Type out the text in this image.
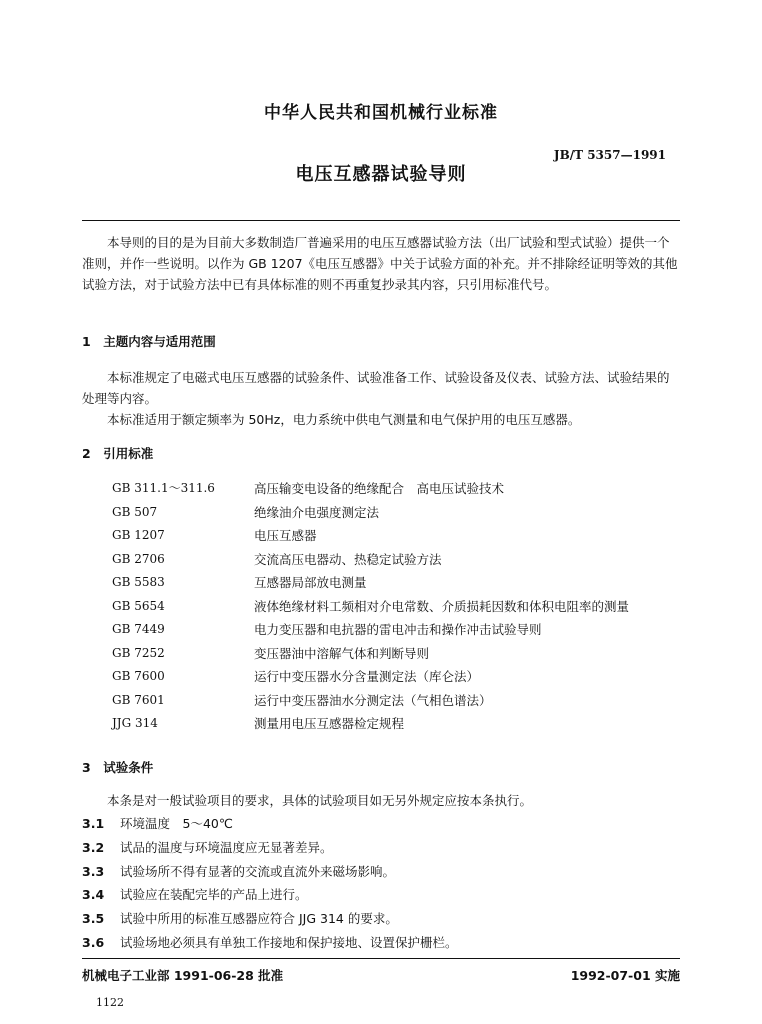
中华人民共和国机械行业标准
JB/T 5357—1991
电压互感器试验导则

本导则的目的是为目前大多数制造厂普遍采用的电压互感器试验方法（出厂试验和型式试验）提供一个准则，并作一些说明。以作为 GB 1207《电压互感器》中关于试验方面的补充。并不排除经证明等效的其他试验方法，对于试验方法中已有具体标准的则不再重复抄录其内容，只引用标准代号。

1　主题内容与适用范围

本标准规定了电磁式电压互感器的试验条件、试验准备工作、试验设备及仪表、试验方法、试验结果的处理等内容。

本标准适用于额定频率为 50Hz，电力系统中供电气测量和电气保护用的电压互感器。

2　引用标准
GB 311.1～311.6	高压输变电设备的绝缘配合　高电压试验技术
GB 507	绝缘油介电强度测定法
GB 1207	电压互感器
GB 2706	交流高压电器动、热稳定试验方法
GB 5583	互感器局部放电测量
GB 5654	液体绝缘材料工频相对介电常数、介质损耗因数和体积电阻率的测量
GB 7449	电力变压器和电抗器的雷电冲击和操作冲击试验导则
GB 7252	变压器油中溶解气体和判断导则
GB 7600	运行中变压器水分含量测定法（库仑法）
GB 7601	运行中变压器油水分测定法（气相色谱法）
JJG 314	测量用电压互感器检定规程
3　试验条件

本条是对一般试验项目的要求，具体的试验项目如无另外规定应按本条执行。

3.1	环境温度　5～40℃
3.2	试品的温度与环境温度应无显著差异。
3.3	试验场所不得有显著的交流或直流外来磁场影响。
3.4	试验应在装配完毕的产品上进行。
3.5	试验中所用的标准互感器应符合 JJG 314 的要求。
3.6	试验场地必须具有单独工作接地和保护接地、设置保护栅栏。
机械电子工业部 1991-06-28 批准	1992-07-01 实施
1122
